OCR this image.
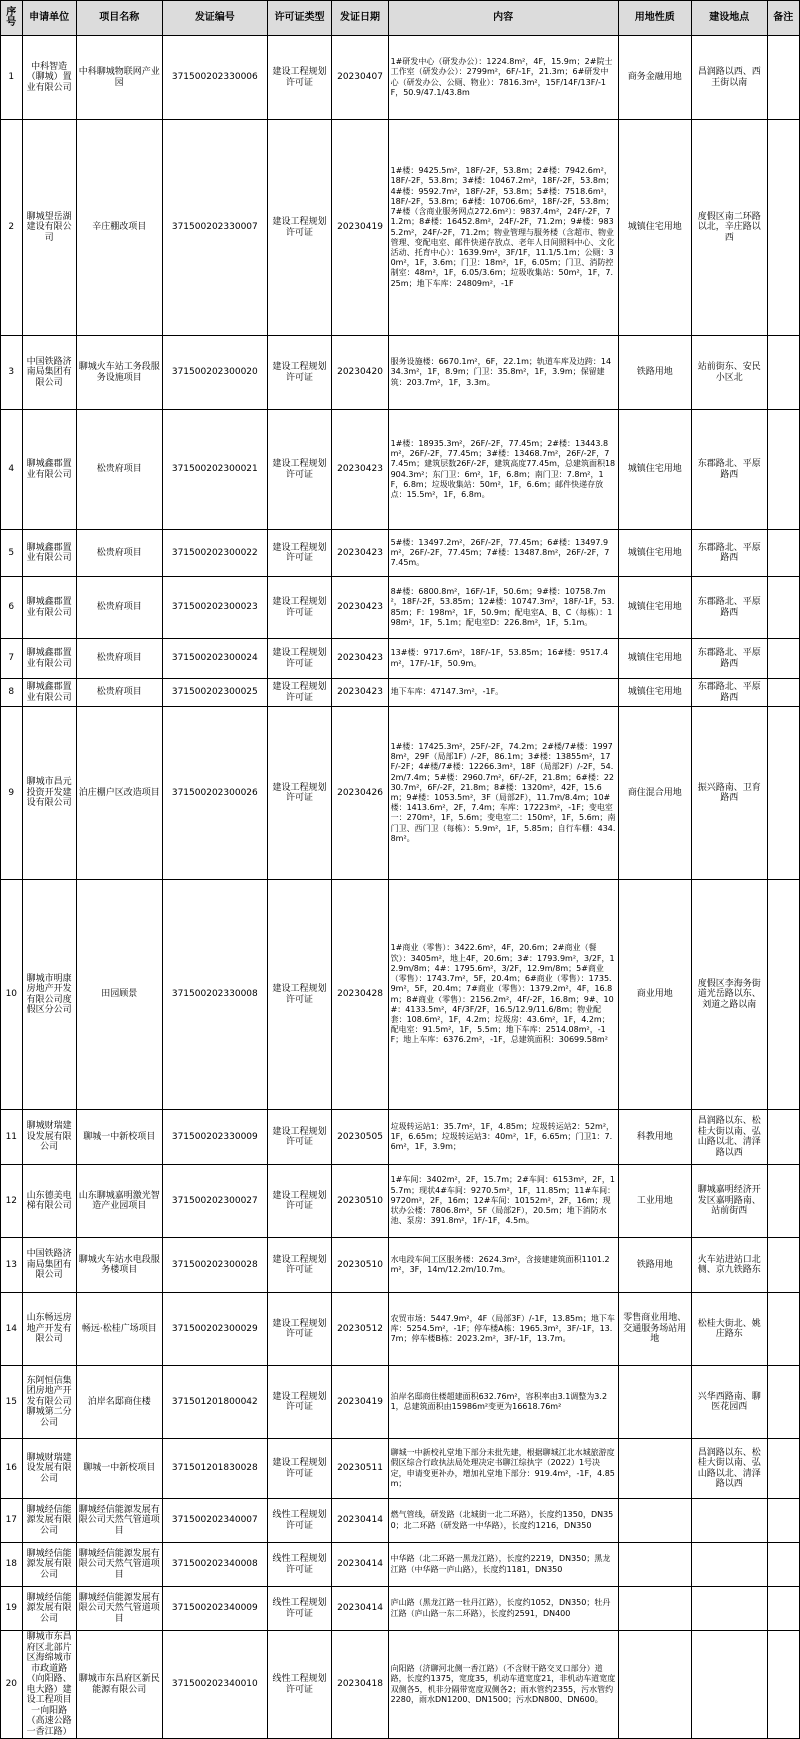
序号	申请单位	项目名称	发证编号	许可证类型	发证日期	内容	用地性质	建设地点	备注
1	中科智造（聊城）置业有限公司	中科聊城物联网产业园	371500202330006	建设工程规划许可证	20230407	1#研发中心（研发办公）：1224.8m²，4F，15.9m；2#院士工作室（研发办公）：2799m²，6F/-1F，21.3m；6#研发中心（研发办公、公厕、物业）：7816.3m²，15F/14F/13F/-1F，50.9/47.1/43.8m	商务金融用地	昌润路以西、西王街以南	
2	聊城望岳湖建设有限公司	辛庄棚改项目	371500202330007	建设工程规划许可证	20230419	1#楼：9425.5m²，18F/-2F，53.8m；2#楼：7942.6m²，18F/-2F，53.8m；3#楼：10467.2m²，18F/-2F，53.8m；4#楼：9592.7m²，18F/-2F，53.8m；5#楼：7518.6m²，18F/-2F，53.8m；6#楼：10706.6m²，18F/-2F，53.8m；7#楼（含商业服务网点272.6m²）：9837.4m²，24F/-2F，71.2m；8#楼：16452.8m²，24F/-2F，71.2m；9#楼：9835.2m²，24F/-2F，71.2m；物业管理与服务楼（含超市、物业管理、变配电室、邮件快递存放点、老年人日间照料中心、文化活动、托育中心）：1639.9m²，3F/1F，11.1/5.1m；公厕：30m²，1F，3.6m；门卫：18m²，1F，6.05m；门卫、消防控制室：48m²，1F，6.05/3.6m；垃圾收集站：50m²，1F，7.25m；地下车库：24809m²，-1F	城镇住宅用地	度假区南二环路以北，辛庄路以西	
3	中国铁路济南局集团有限公司	聊城火车站工务段服务设施项目	371500202300020	建设工程规划许可证	20230420	服务设施楼：6670.1m²，6F，22.1m；轨道车库及边跨：1434.3m²，1F，8.9m；门卫：35.8m²，1F，3.9m；保留建筑：203.7m²，1F，3.3m。	铁路用地	站前街东、安民小区北	
4	聊城鑫郡置业有限公司	松贵府项目	371500202300021	建设工程规划许可证	20230423	1#楼：18935.3m²，26F/-2F，77.45m；2#楼：13443.8m²，26F/-2F，77.45m；3#楼：13468.7m²，26F/-2F，77.45m；建筑层数26F/-2F，建筑高度77.45m，总建筑面积18904.3m²；东门卫：6m²，1F，6.8m；南门卫：7.8m²，1F，6.8m；垃圾收集站：50m²，1F，6.6m；邮件快递存放点：15.5m²，1F，6.8m。	城镇住宅用地	东郡路北、平原路西	
5	聊城鑫郡置业有限公司	松贵府项目	371500202300022	建设工程规划许可证	20230423	5#楼：13497.2m²，26F/-2F，77.45m；6#楼：13497.9m²，26F/-2F，77.45m；7#楼：13487.8m²，26F/-2F，77.45m。	城镇住宅用地	东郡路北、平原路西	
6	聊城鑫郡置业有限公司	松贵府项目	371500202300023	建设工程规划许可证	20230423	8#楼：6800.8m²，16F/-1F，50.6m；9#楼：10758.7m²，18F/-2F，53.85m；12#楼：10747.3m²，18F/-1F，53.85m；F：198m²，1F，50.9m；配电室A、B、C（每栋）：198m²，1F，5.1m；配电室D：226.8m²，1F，5.1m。	城镇住宅用地	东郡路北、平原路西	
7	聊城鑫郡置业有限公司	松贵府项目	371500202300024	建设工程规划许可证	20230423	13#楼：9717.6m²，18F/-1F，53.85m；16#楼：9517.4m²，17F/-1F，50.9m。	城镇住宅用地	东郡路北、平原路西	
8	聊城鑫郡置业有限公司	松贵府项目	371500202300025	建设工程规划许可证	20230423	地下车库：47147.3m²，-1F。	城镇住宅用地	东郡路北、平原路西	
9	聊城市昌元投资开发建设有限公司	泊庄棚户区改造项目	371500202300026	建设工程规划许可证	20230426	1#楼：17425.3m²，25F/-2F，74.2m；2#楼/7#楼：19978m²，29F（局部1F）/-2F，86.1m；3#楼：13855m²，17F/-2F；4#楼/7#楼：12266.3m²，18F（局部2F）/-2F，54.2m/7.4m；5#楼：2960.7m²，6F/-2F，21.8m；6#楼：2230.7m²，6F/-2F，21.8m；8#楼：1320m²，42F，15.6m；9#楼：1053.5m²，3F（局部2F），11.7m/8.4m；10#楼：1413.6m²，2F，7.4m；车库：17223m²，-1F；变电室一：270m²，1F，5.6m；变电室二：150m²，1F，5.6m；南门卫、西门卫（每栋）：5.9m²，1F，5.85m；自行车棚：434.8m²。	商住混合用地	振兴路南、卫育路西	
10	聊城市明康房地产开发有限公司度假区分公司	田园顾景	371500202330008	建设工程规划许可证	20230428	1#商业（零售）：3422.6m²，4F，20.6m；2#商业（餐饮）：3405m²，地上4F，20.6m；3#：1793.9m²，3/2F，12.9m/8m；4#：1795.6m²，3/2F，12.9m/8m；5#商业（零售）：1743.7m²，5F，20.4m；6#商业（零售）：1735.9m²，5F，20.4m；7#商业（零售）：1379.2m²，4F，16.8m；8#商业（零售）：2156.2m²，4F/-2F，16.8m；9#、10#：4133.5m²，4F/3F/2F，16.5/12.9/11.6/8m；物业配套：108.6m²，1F，4.2m；垃圾房：43.6m²，1F，4.2m；配电室：91.5m²，1F，5.5m；地下车库：2514.08m²，-1F；地上车库：6376.2m²，-1F，总建筑面积：30699.58m²	商业用地	度假区李海务街道光岳路以东、刘道之路以南	
11	聊城财瑞建设发展有限公司	聊城一中新校项目	371500202330009	建设工程规划许可证	20230505	垃圾转运站1：35.7m²，1F，4.85m；垃圾转运站2：52m²，1F，6.65m；垃圾转运站3：40m²，1F，6.65m；门卫1：7.6m²，1F，3.9m；	科教用地	昌润路以东、松桂大街以南、弘山路以北、清泽路以西	
12	山东德美电梯有限公司	山东聊城嘉明激光智造产业园项目	371500202300027	建设工程规划许可证	20230510	1#车间：3402m²，2F，15.7m；2#车间：6153m²，2F，15.7m；现状4#车间：9270.5m²，1F，11.85m；11#车间：9720m²，2F，16m；12#车间：10152m²，2F，16m；现状办公楼：7806.8m²，5F（局部2F），20.5m；地下消防水池、泵房：391.8m²，1F/-1F，4.5m。	工业用地	聊城嘉明经济开发区嘉明路南、站前街西	
13	中国铁路济南局集团有限公司	聊城火车站水电段服务楼项目	371500202300028	建设工程规划许可证	20230510	水电段车间工区服务楼：2624.3m²，含接建建筑面积1101.2m²，3F，14m/12.2m/10.7m。	铁路用地	火车站进站口北侧、京九铁路东	
14	山东畅远房地产开发有限公司	畅远·松桂广场项目	371500202300029	建设工程规划许可证	20230512	农贸市场：5447.9m²，4F（局部3F）/-1F，13.85m；地下车库：5254.5m²，-1F；停车楼A栋：1965.3m²，3F/-1F，13.7m；停车楼B栋：2023.2m²，3F/-1F，13.7m。	零售商业用地、交通服务场站用地	松桂大街北、姚庄路东	
15	东阿恒信集团房地产开发有限公司聊城第二分公司	泊岸名邸商住楼	371501201800042	建设工程规划许可证	20230419	泊岸名邸商住楼超建面积632.76m²，容积率由3.1调整为3.21，总建筑面积由15986m²变更为16618.76m²		兴华西路南、聊医花园西	
16	聊城财瑞建设发展有限公司	聊城一中新校项目	371501201830028	建设工程规划许可证	20230511	聊城一中新校礼堂地下部分未批先建，根据聊城江北水城旅游度假区综合行政执法局处理决定书聊江综执字（2022）1号决定，申请变更补办，增加礼堂地下部分：919.4m²，-1F，4.85m；		昌润路以东、松桂大街以南、弘山路以北、清泽路以西	
17	聊城经信能源发展有限公司	聊城经信能源发展有限公司天然气管道项目	371500202340007	线性工程规划许可证	20230414	燃气管线，研发路（北城街一北二环路），长度约1350，DN350；北二环路（研发路一中华路），长度约1216，DN350			
18	聊城经信能源发展有限公司	聊城经信能源发展有限公司天然气管道项目	371500202340008	线性工程规划许可证	20230414	中华路（北二环路一黑龙江路），长度约2219，DN350；黑龙江路（中华路一庐山路），长度约1181，DN350			
19	聊城经信能源发展有限公司	聊城经信能源发展有限公司天然气管道项目	371500202340009	线性工程规划许可证	20230414	庐山路（黑龙江路一牡丹江路），长度约1052，DN350；牡丹江路（庐山路一东二环路），长度约2591，DN400			
20	聊城市东昌府区北部片区海绵城市市政道路（向阳路、电大路）建设工程项目一向阳路（高速公路一香江路）	聊城市东昌府区新民能源有限公司	371500202340010	线性工程规划许可证	20230418	向阳路（济聊河北侧一香江路）（不含财干路交叉口部分）道路，长度约1375，宽度35，机动车道宽度21，非机动车道宽度双侧各5，机非分隔带宽度双侧各2；雨水管约2355，污水管约2280，雨水DN1200、DN1500；污水DN800、DN600。			
